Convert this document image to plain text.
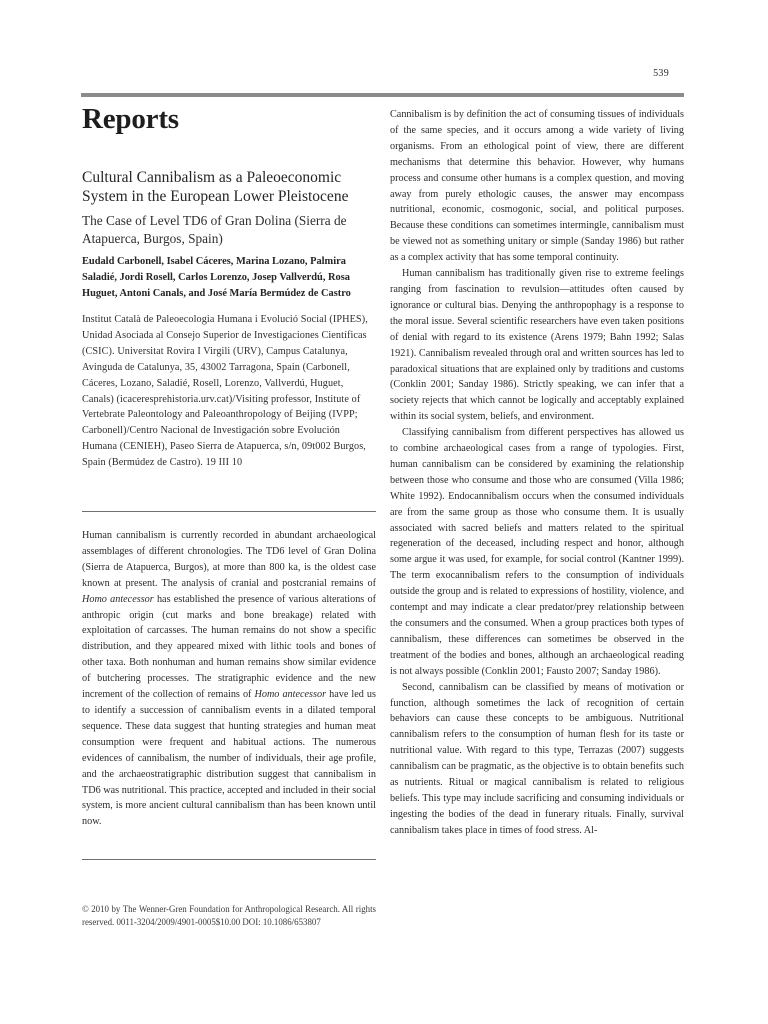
539
Reports
Cultural Cannibalism as a Paleoeconomic System in the European Lower Pleistocene
The Case of Level TD6 of Gran Dolina (Sierra de Atapuerca, Burgos, Spain)

Eudald Carbonell, Isabel Cáceres, Marina Lozano, Palmira Saladié, Jordi Rosell, Carlos Lorenzo, Josep Vallverdú, Rosa Huguet, Antoni Canals, and José María Bermúdez de Castro

Institut Català de Paleoecologia Humana i Evolució Social (IPHES), Unidad Asociada al Consejo Superior de Investigaciones Científicas (CSIC). Universitat Rovira I Virgili (URV), Campus Catalunya, Avinguda de Catalunya, 35, 43002 Tarragona, Spain (Carbonell, Cáceres, Lozano, Saladié, Rosell, Lorenzo, Vallverdú, Huguet, Canals) (icaceresprehistoria.urv.cat)/Visiting professor, Institute of Vertebrate Paleontology and Paleoanthropology of Beijing (IVPP; Carbonell)/Centro Nacional de Investigación sobre Evolución Humana (CENIEH), Paseo Sierra de Atapuerca, s/n, 09t002 Burgos, Spain (Bermúdez de Castro). 19 III 10

Human cannibalism is currently recorded in abundant archaeological assemblages of different chronologies. The TD6 level of Gran Dolina (Sierra de Atapuerca, Burgos), at more than 800 ka, is the oldest case known at present. The analysis of cranial and postcranial remains of Homo antecessor has established the presence of various alterations of anthropic origin (cut marks and bone breakage) related with exploitation of carcasses. The human remains do not show a specific distribution, and they appeared mixed with lithic tools and bones of other taxa. Both nonhuman and human remains show similar evidence of butchering processes. The stratigraphic evidence and the new increment of the collection of remains of Homo antecessor have led us to identify a succession of cannibalism events in a dilated temporal sequence. These data suggest that hunting strategies and human meat consumption were frequent and habitual actions. The numerous evidences of cannibalism, the number of individuals, their age profile, and the archaeostratigraphic distribution suggest that cannibalism in TD6 was nutritional. This practice, accepted and included in their social system, is more ancient cultural cannibalism than has been known until now.
© 2010 by The Wenner-Gren Foundation for Anthropological Research. All rights reserved. 0011-3204/2009/4901-0005$10.00 DOI: 10.1086/653807

Cannibalism is by definition the act of consuming tissues of individuals of the same species, and it occurs among a wide variety of living organisms. From an ethological point of view, there are different mechanisms that determine this behavior. However, why humans process and consume other humans is a complex question, and moving away from purely ethologic causes, the answer may encompass nutritional, economic, cosmogonic, social, and political purposes. Because these conditions can sometimes intermingle, cannibalism must be viewed not as something unitary or simple (Sanday 1986) but rather as a complex activity that has some temporal continuity.

Human cannibalism has traditionally given rise to extreme feelings ranging from fascination to revulsion—attitudes often caused by ignorance or cultural bias. Denying the anthropophagy is a response to the moral issue. Several scientific researchers have even taken positions of denial with regard to its existence (Arens 1979; Bahn 1992; Salas 1921). Cannibalism revealed through oral and written sources has led to paradoxical situations that are explained only by traditions and customs (Conklin 2001; Sanday 1986). Strictly speaking, we can infer that a society rejects that which cannot be logically and acceptably explained within its social system, beliefs, and environment.

Classifying cannibalism from different perspectives has allowed us to combine archaeological cases from a range of typologies. First, human cannibalism can be considered by examining the relationship between those who consume and those who are consumed (Villa 1986; White 1992). Endocannibalism occurs when the consumed individuals are from the same group as those who consume them. It is usually associated with sacred beliefs and matters related to the spiritual regeneration of the deceased, including respect and honor, although some argue it was used, for example, for social control (Kantner 1999). The term exocannibalism refers to the consumption of individuals outside the group and is related to expressions of hostility, violence, and contempt and may indicate a clear predator/prey relationship between the consumers and the consumed. When a group practices both types of cannibalism, these differences can sometimes be observed in the treatment of the bodies and bones, although an archaeological reading is not always possible (Conklin 2001; Fausto 2007; Sanday 1986).

Second, cannibalism can be classified by means of motivation or function, although sometimes the lack of recognition of certain behaviors can cause these concepts to be ambiguous. Nutritional cannibalism refers to the consumption of human flesh for its taste or nutritional value. With regard to this type, Terrazas (2007) suggests cannibalism can be pragmatic, as the objective is to obtain benefits such as nutrients. Ritual or magical cannibalism is related to religious beliefs. This type may include sacrificing and consuming individuals or ingesting the bodies of the dead in funerary rituals. Finally, survival cannibalism takes place in times of food stress. Al-
